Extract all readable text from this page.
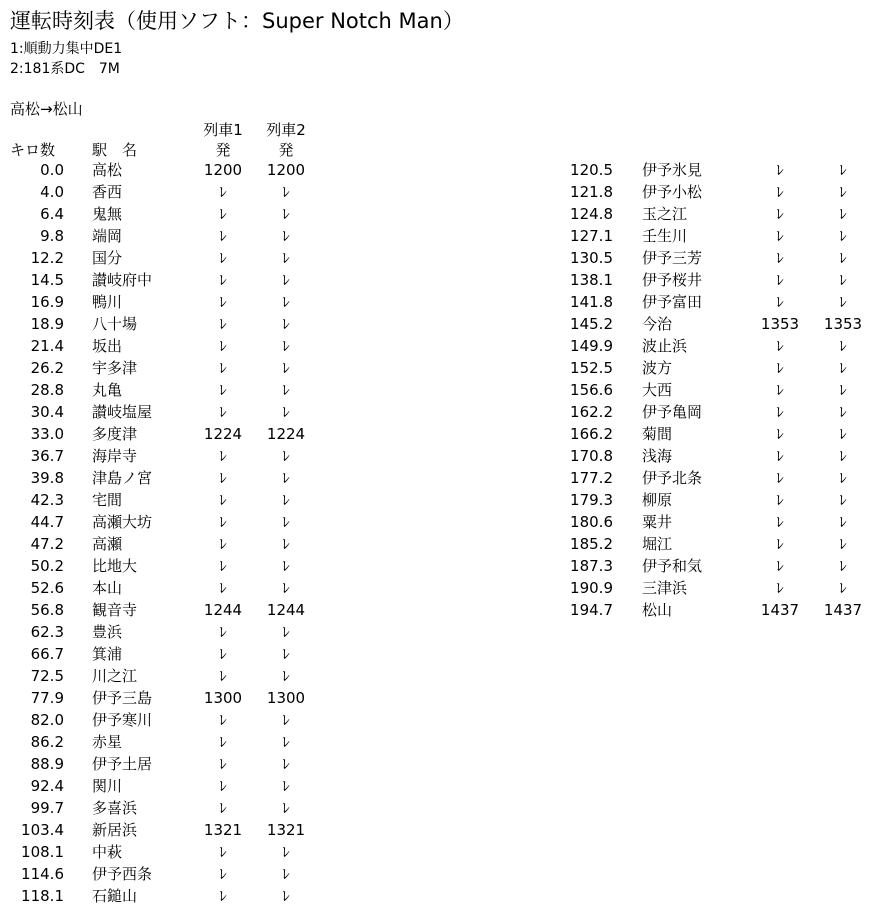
運転時刻表（使用ソフト：Super Notch Man）
1:順動力集中DE1
2:181系DC　7M
高松→松山
列車1	列車2
キロ数 駅　名	発	発
0.0 高松	1200	1200
4.0 香西	ﾚ	ﾚ
6.4 鬼無	ﾚ	ﾚ
9.8 端岡	ﾚ	ﾚ
12.2 国分	ﾚ	ﾚ
14.5 讃岐府中	ﾚ	ﾚ
16.9 鴨川	ﾚ	ﾚ
18.9 八十場	ﾚ	ﾚ
21.4 坂出	ﾚ	ﾚ
26.2 宇多津	ﾚ	ﾚ
28.8 丸亀	ﾚ	ﾚ
30.4 讃岐塩屋	ﾚ	ﾚ
33.0 多度津	1224	1224
36.7 海岸寺	ﾚ	ﾚ
39.8 津島ノ宮	ﾚ	ﾚ
42.3 宅間	ﾚ	ﾚ
44.7 高瀬大坊	ﾚ	ﾚ
47.2 高瀬	ﾚ	ﾚ
50.2 比地大	ﾚ	ﾚ
52.6 本山	ﾚ	ﾚ
56.8 観音寺	1244	1244
62.3 豊浜	ﾚ	ﾚ
66.7 箕浦	ﾚ	ﾚ
72.5 川之江	ﾚ	ﾚ
77.9 伊予三島	1300	1300
82.0 伊予寒川	ﾚ	ﾚ
86.2 赤星	ﾚ	ﾚ
88.9 伊予土居	ﾚ	ﾚ
92.4 関川	ﾚ	ﾚ
99.7 多喜浜	ﾚ	ﾚ
103.4 新居浜	1321	1321
108.1 中萩	ﾚ	ﾚ
114.6 伊予西条	ﾚ	ﾚ
118.1 石鎚山	ﾚ	ﾚ
120.5 伊予氷見	ﾚ	ﾚ
121.8 伊予小松	ﾚ	ﾚ
124.8 玉之江	ﾚ	ﾚ
127.1 壬生川	ﾚ	ﾚ
130.5 伊予三芳	ﾚ	ﾚ
138.1 伊予桜井	ﾚ	ﾚ
141.8 伊予富田	ﾚ	ﾚ
145.2 今治	1353	1353
149.9 波止浜	ﾚ	ﾚ
152.5 波方	ﾚ	ﾚ
156.6 大西	ﾚ	ﾚ
162.2 伊予亀岡	ﾚ	ﾚ
166.2 菊間	ﾚ	ﾚ
170.8 浅海	ﾚ	ﾚ
177.2 伊予北条	ﾚ	ﾚ
179.3 柳原	ﾚ	ﾚ
180.6 粟井	ﾚ	ﾚ
185.2 堀江	ﾚ	ﾚ
187.3 伊予和気	ﾚ	ﾚ
190.9 三津浜	ﾚ	ﾚ
194.7 松山	1437	1437
